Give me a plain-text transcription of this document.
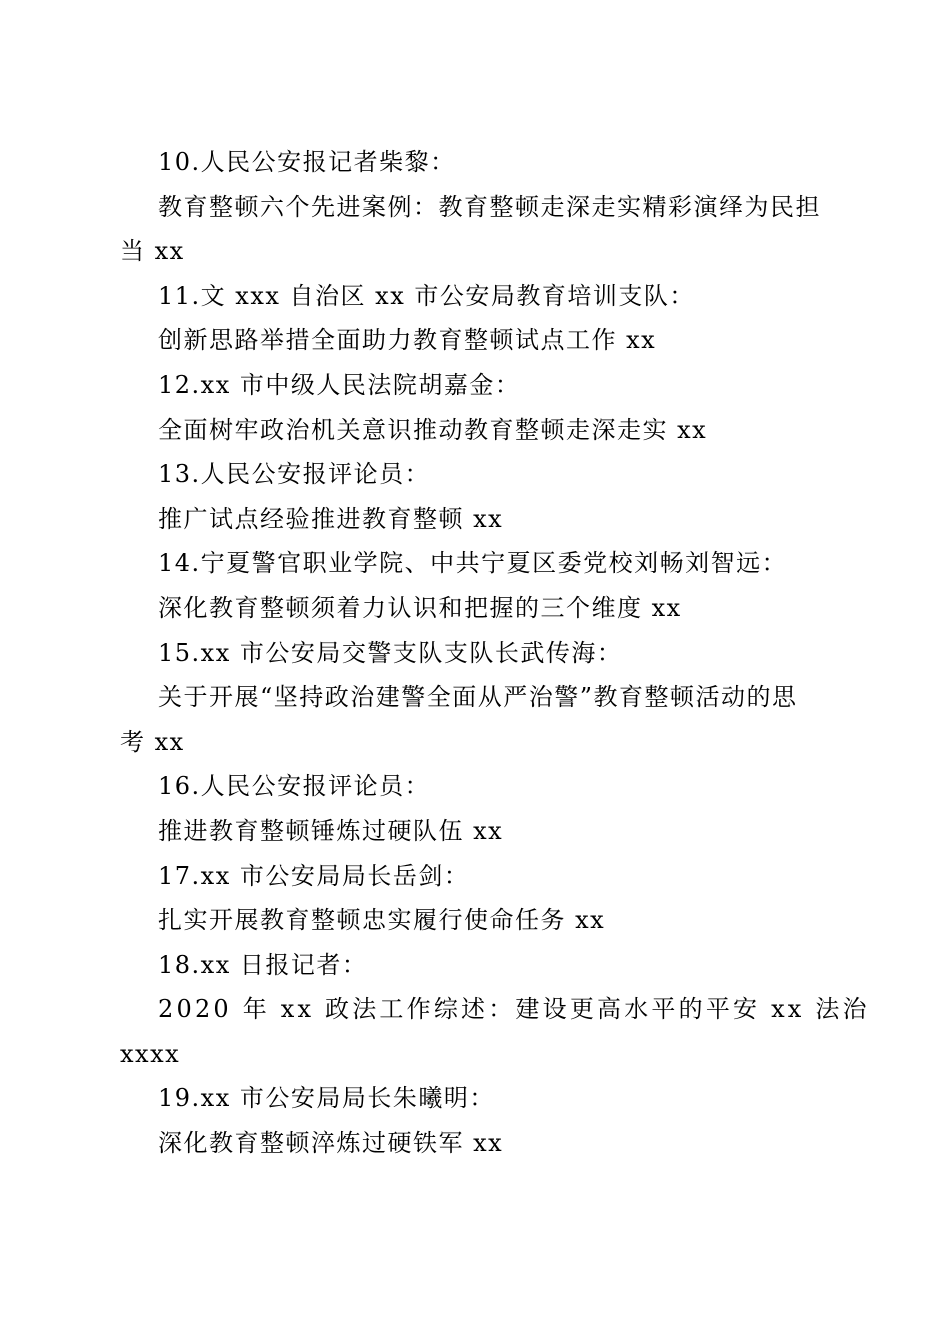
10.人民公安报记者柴黎：

教育整顿六个先进案例：教育整顿走深走实精彩演绎为民担

当 xx

11.文 xxx 自治区 xx 市公安局教育培训支队：

创新思路举措全面助力教育整顿试点工作 xx

12.xx 市中级人民法院胡嘉金：

全面树牢政治机关意识推动教育整顿走深走实 xx

13.人民公安报评论员：

推广试点经验推进教育整顿 xx

14.宁夏警官职业学院、中共宁夏区委党校刘畅刘智远：

深化教育整顿须着力认识和把握的三个维度 xx

15.xx 市公安局交警支队支队长武传海：

关于开展“坚持政治建警全面从严治警”教育整顿活动的思

考 xx

16.人民公安报评论员：

推进教育整顿锤炼过硬队伍 xx

17.xx 市公安局局长岳剑：

扎实开展教育整顿忠实履行使命任务 xx

18.xx 日报记者：

2020 年 xx 政法工作综述：建设更高水平的平安 xx 法治

xxxx

19.xx 市公安局局长朱曦明：

深化教育整顿淬炼过硬铁军 xx
